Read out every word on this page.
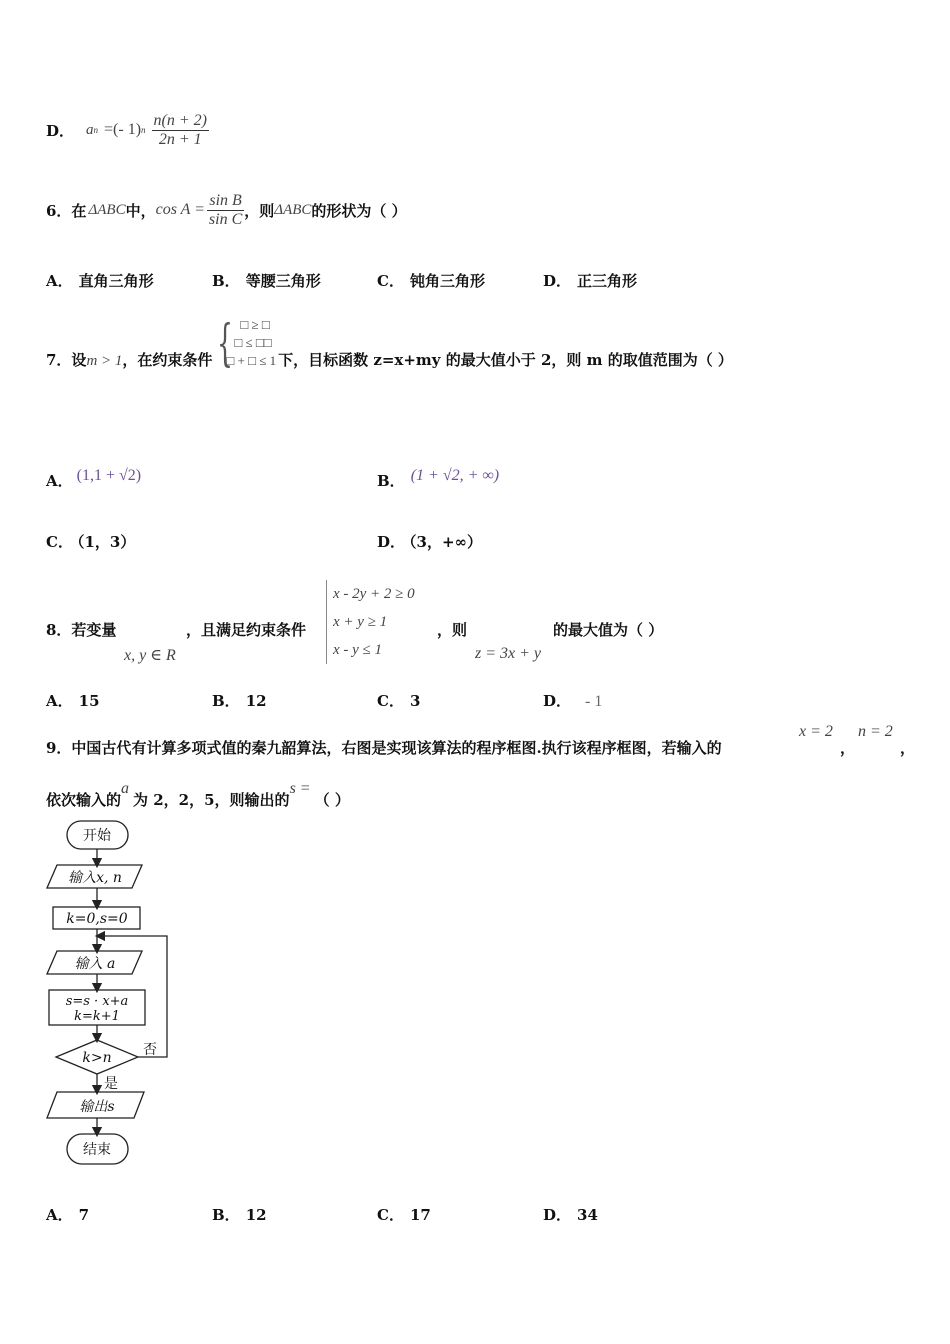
D． a n =(- 1) n $\frac{n(n + 2)}{2n + 1}$
6．在 ΔABC 中， $\cos A = \frac{\text{sin B}}{\text{sin C}}$ ，则 ΔABC 的形状为（ ）
A． 直角三角形	B． 等腰三角形	C． 钝角三角形	D． 正三角形
7．设 m > 1 ，在约束条件 { □ ≥ □
□ ≤ □□
□ + □ ≤ 1 下，目标函数 z=x+my 的最大值小于 2，则 m 的取值范围为（ ）
A． (1,1 + √2)	B． (1 + √2, + ∞)
C． （1，3）	D． （3，+∞）
8．若变量
x, y ∈ R
，且满足约束条件
x - 2y + 2 ≥ 0
x + y ≥ 1
x - y ≤ 1
，则
z = 3x + y
的最大值为（ ）
A． 15	B． 12	C． 3	D． - 1
9．中国古代有计算多项式值的秦九韶算法，右图是实现该算法的程序框图.执行该程序框图，若输入的
x = 2
，
n = 2
，
依次输入的
a
为 2，2，5，则输出的
s =
（ ）
开始
输入x, n
k=0,s=0
输入 a
s=s · x+a
k=k+1
k>n 否
是
输出s
结束
A． 7	B． 12	C． 17	D． 34
